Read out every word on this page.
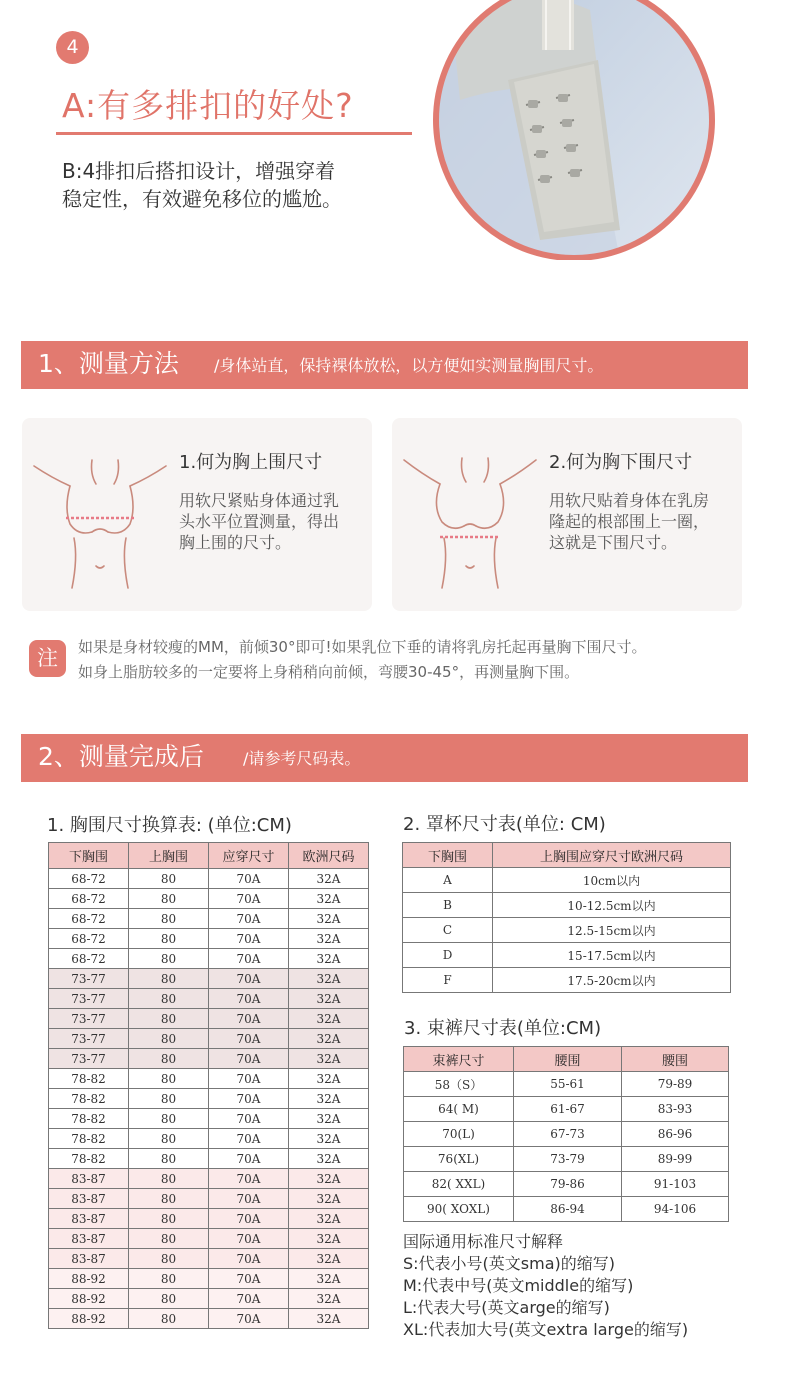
4
A:有多排扣的好处?
B:4排扣后搭扣设计，增强穿着
稳定性，有效避免移位的尴尬。
1、测量方法 /身体站直，保持裸体放松，以方便如实测量胸围尺寸。
1.何为胸上围尺寸
用软尺紧贴身体通过乳
头水平位置测量，得出
胸上围的尺寸。
2.何为胸下围尺寸
用软尺贴着身体在乳房
隆起的根部围上一圈，
这就是下围尺寸。
注	如果是身材较瘦的MM，前倾30°即可!如果乳位下垂的请将乳房托起再量胸下围尺寸。
如身上脂肪较多的一定要将上身稍稍向前倾，弯腰30-45°，再测量胸下围。
2、测量完成后 /请参考尺码表。
1. 胸围尺寸换算表: (单位:CM)
下胸围	上胸围	应穿尺寸	欧洲尺码
68-72	80	70A	32A
68-72	80	70A	32A
68-72	80	70A	32A
68-72	80	70A	32A
68-72	80	70A	32A
73-77	80	70A	32A
73-77	80	70A	32A
73-77	80	70A	32A
73-77	80	70A	32A
73-77	80	70A	32A
78-82	80	70A	32A
78-82	80	70A	32A
78-82	80	70A	32A
78-82	80	70A	32A
78-82	80	70A	32A
83-87	80	70A	32A
83-87	80	70A	32A
83-87	80	70A	32A
83-87	80	70A	32A
83-87	80	70A	32A
88-92	80	70A	32A
88-92	80	70A	32A
88-92	80	70A	32A
2. 罩杯尺寸表(单位: CM)
下胸围	上胸围应穿尺寸欧洲尺码
A	10cm以内
B	10-12.5cm以内
C	12.5-15cm以内
D	15-17.5cm以内
F	17.5-20cm以内
3. 束裤尺寸表(单位:CM)
束裤尺寸	腰围	腰围
58（S）	55-61	79-89
64( M)	61-67	83-93
70(L)	67-73	86-96
76(XL)	73-79	89-99
82( XXL)	79-86	91-103
90( XOXL)	86-94	94-106
国际通用标准尺寸解释
S:代表小号(英文sma)的缩写)
M:代表中号(英文middle的缩写)
L:代表大号(英文arge的缩写)
XL:代表加大号(英文extra large的缩写)
